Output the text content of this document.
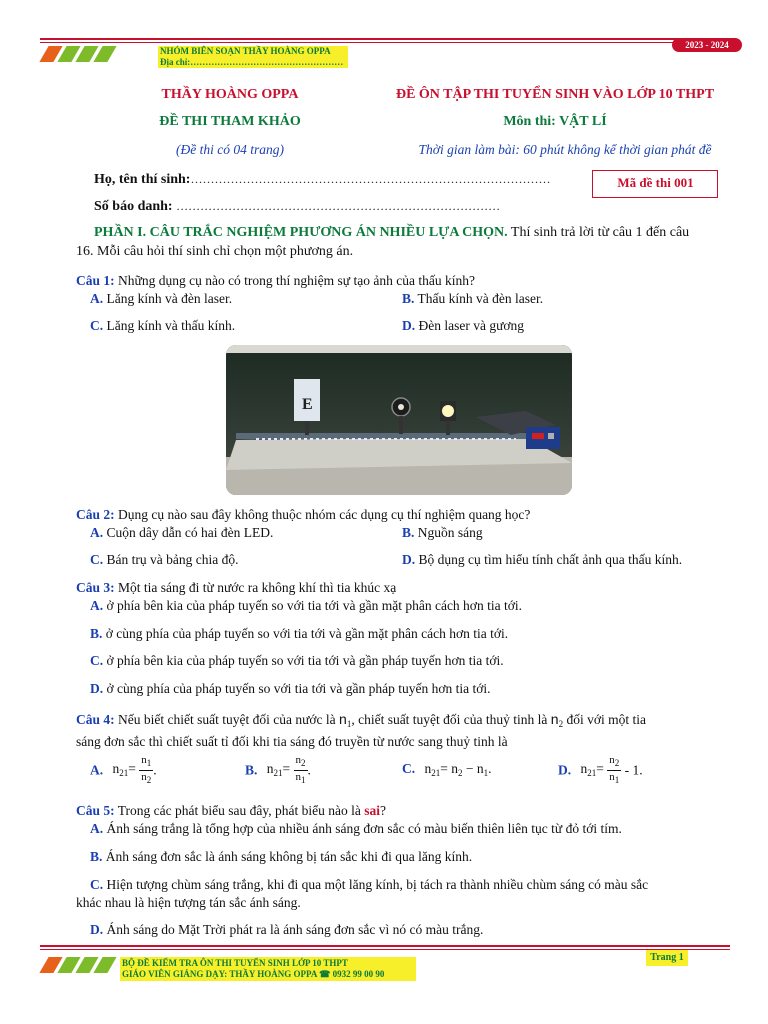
NHÓM BIÊN SOẠN THẦY HOÀNG OPPA
Địa chỉ:……………………………………………
2023 - 2024
THẦY HOÀNG OPPA
ĐỀ THI THAM KHẢO
(Đề thi có 04 trang)
ĐỀ ÔN TẬP THI TUYỂN SINH VÀO LỚP 10 THPT
Môn thi: VẬT LÍ
Thời gian làm bài: 60 phút không kể thời gian phát đề
Họ, tên thí sinh:………………………………………………………………………………
Số báo danh: ………………………………………………………………………
Mã đề thi 001
PHẦN I. CÂU TRẮC NGHIỆM PHƯƠNG ÁN NHIỀU LỰA CHỌN. Thí sinh trả lời từ câu 1 đến câu
16. Mỗi câu hỏi thí sinh chỉ chọn một phương án.
Câu 1: Những dụng cụ nào có trong thí nghiệm sự tạo ảnh của thấu kính?
A. Lăng kính và đèn laser.	B. Thấu kính và đèn laser.
C. Lăng kính và thấu kính.	D. Đèn laser và gương
E
Câu 2: Dụng cụ nào sau đây không thuộc nhóm các dụng cụ thí nghiệm quang học?
A. Cuộn dây dẫn có hai đèn LED.	B. Nguồn sáng
C. Bán trụ và bảng chia độ.	D. Bộ dụng cụ tìm hiểu tính chất ảnh qua thấu kính.
Câu 3: Một tia sáng đi từ nước ra không khí thì tia khúc xạ
A. ở phía bên kia của pháp tuyến so với tia tới và gần mặt phân cách hơn tia tới.
B. ở cùng phía của pháp tuyến so với tia tới và gần mặt phân cách hơn tia tới.
C. ở phía bên kia của pháp tuyến so với tia tới và gần pháp tuyến hơn tia tới.
D. ở cùng phía của pháp tuyến so với tia tới và gần pháp tuyến hơn tia tới.
Câu 4: Nếu biết chiết suất tuyệt đối của nước là $n_1$, chiết suất tuyệt đối của thuỷ tinh là $n_2$ đối với một tia
sáng đơn sắc thì chiết suất tỉ đối khi tia sáng đó truyền từ nước sang thuỷ tinh là
A. $n_{21}= \frac{n_1}{n_2}$ .	B. $n_{21}= \frac{n_2}{n_1}$ .	C. $n_{21}= n_2 - n_1$.	D. $n_{21}= \frac{n_2}{n_1} - 1$.
Câu 5: Trong các phát biểu sau đây, phát biểu nào là sai?
A. Ánh sáng trắng là tổng hợp của nhiều ánh sáng đơn sắc có màu biến thiên liên tục từ đỏ tới tím.
B. Ánh sáng đơn sắc là ánh sáng không bị tán sắc khi đi qua lăng kính.
C. Hiện tượng chùm sáng trắng, khi đi qua một lăng kính, bị tách ra thành nhiều chùm sáng có màu sắc
khác nhau là hiện tượng tán sắc ánh sáng.
D. Ánh sáng do Mặt Trời phát ra là ánh sáng đơn sắc vì nó có màu trắng.
BỘ ĐỀ KIỂM TRA ÔN THI TUYỂN SINH LỚP 10 THPT
GIÁO VIÊN GIẢNG DẠY: THẦY HOÀNG OPPA ☎ 0932 99 00 90
Trang 1
